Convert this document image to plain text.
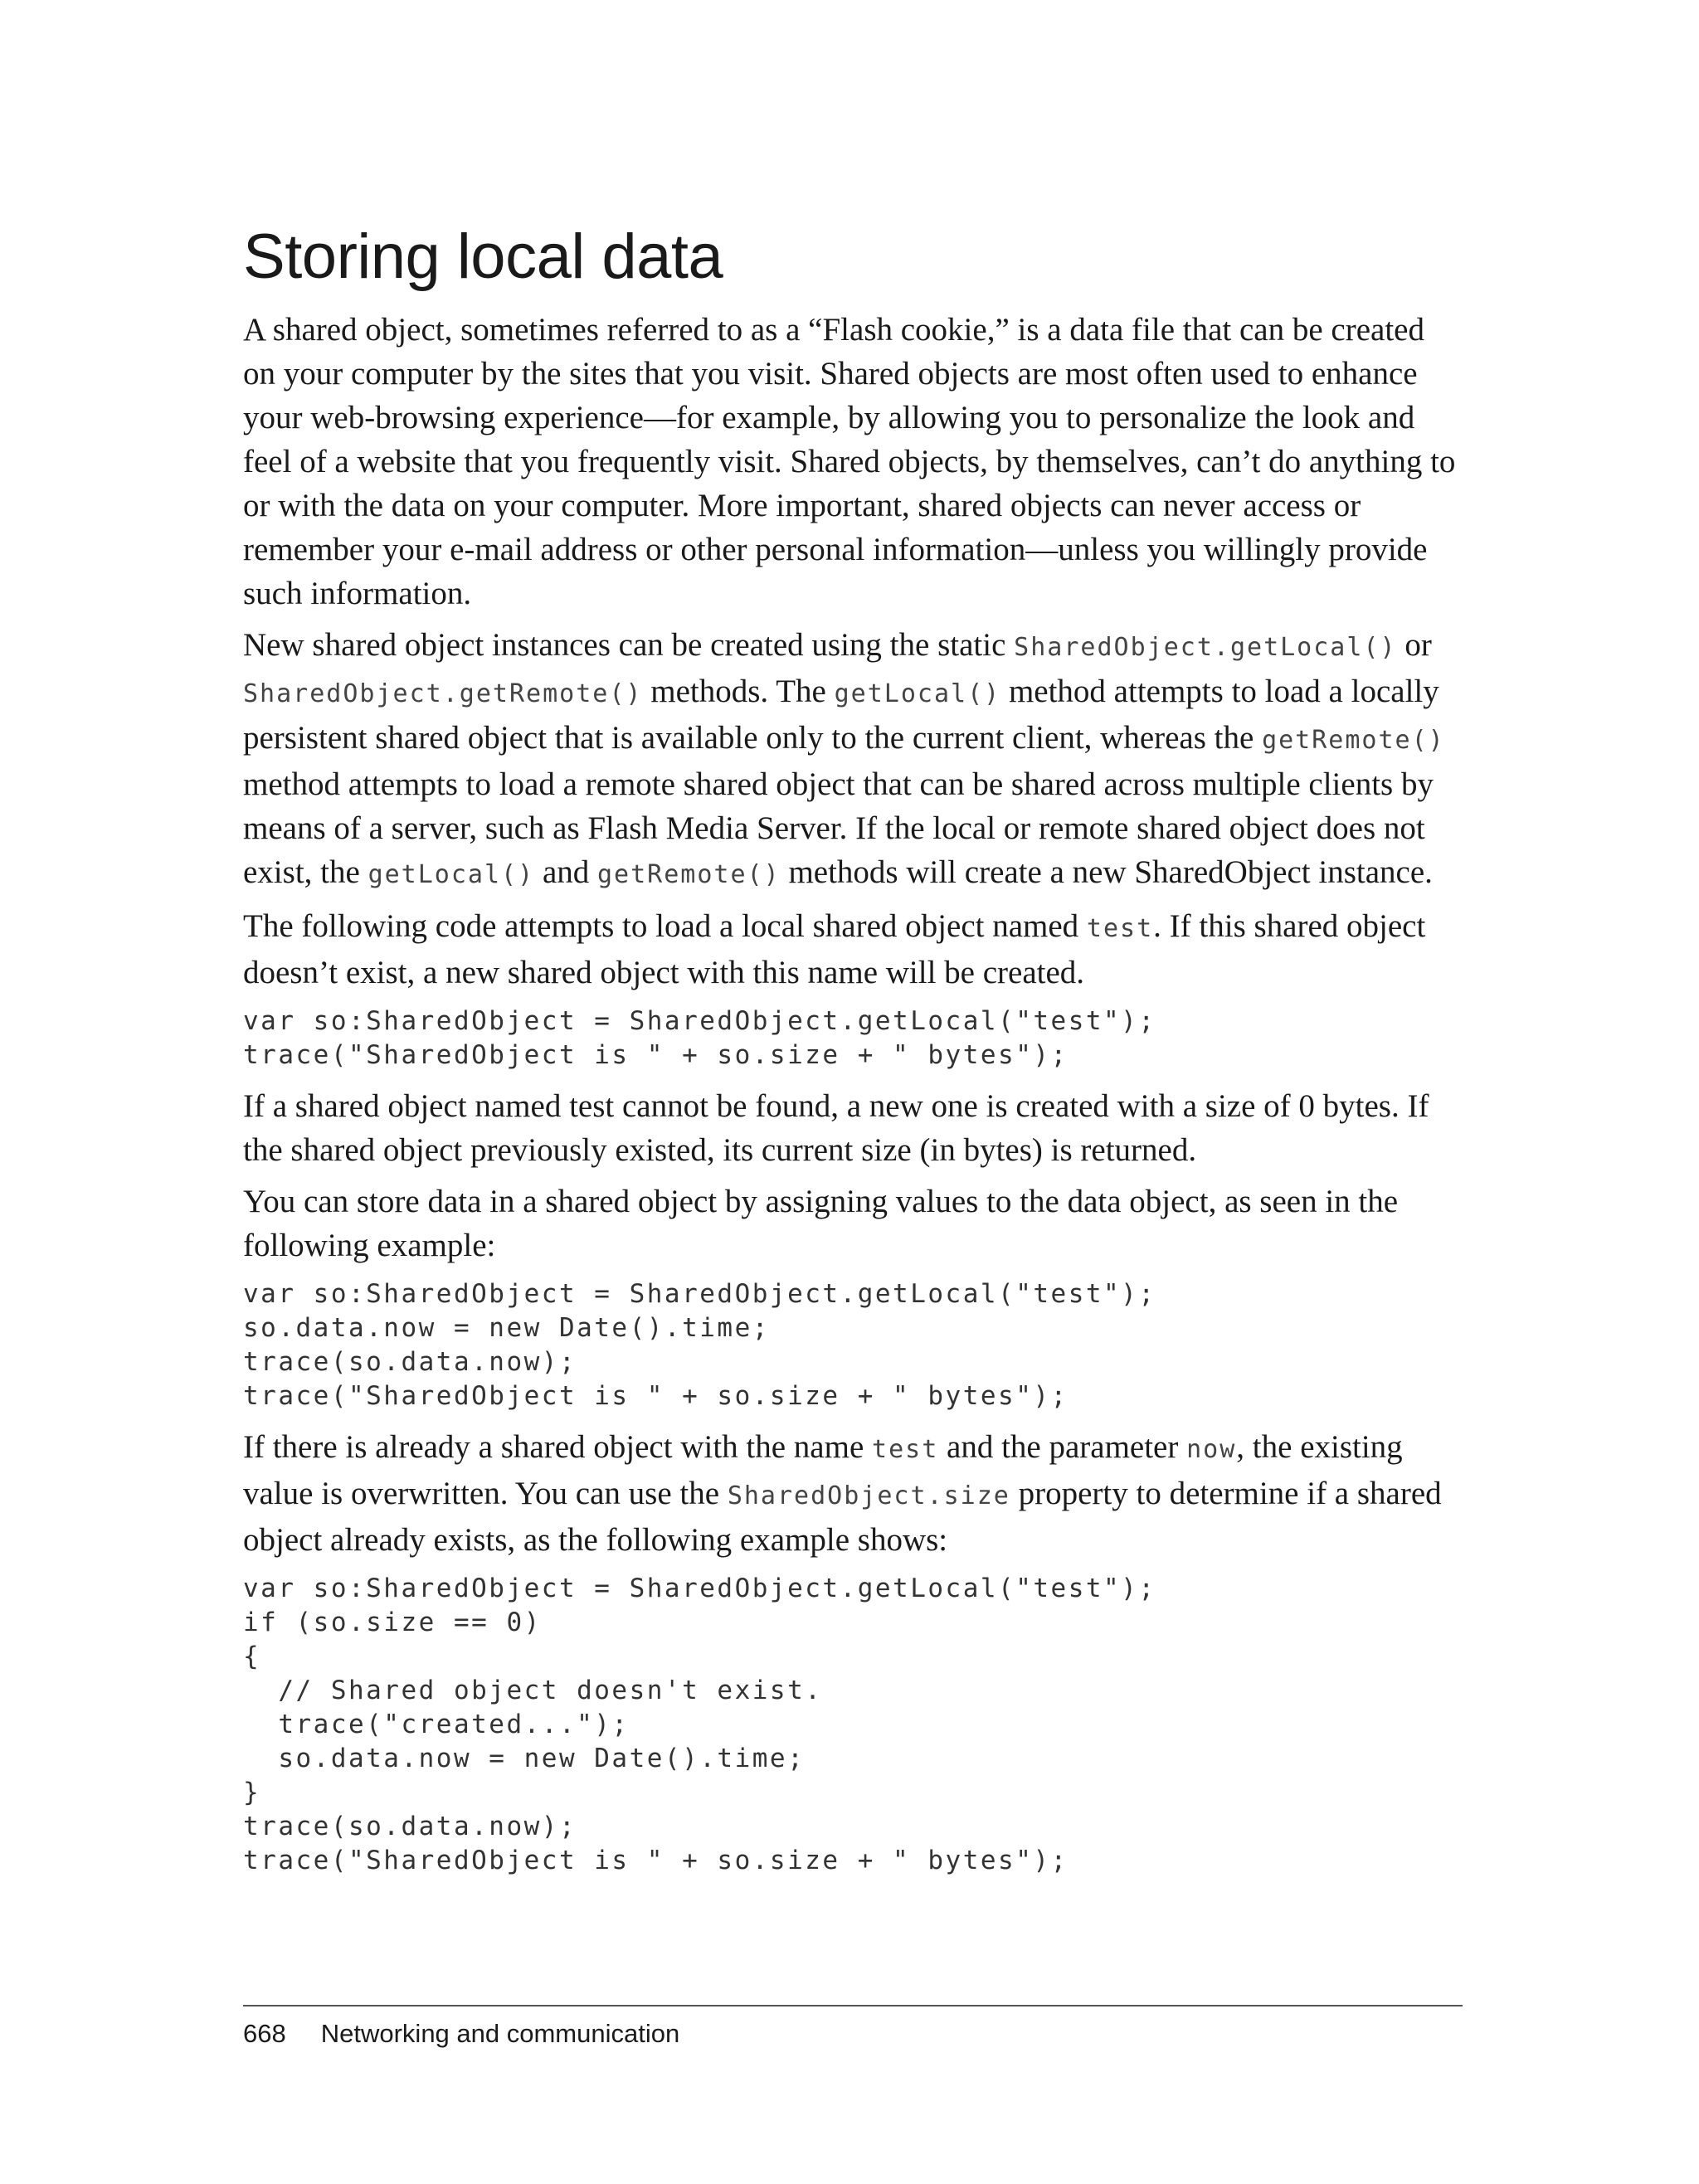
Storing local data

A shared object, sometimes referred to as a “Flash cookie,” is a data file that can be created on your computer by the sites that you visit. Shared objects are most often used to enhance your web-browsing experience—for example, by allowing you to personalize the look and feel of a website that you frequently visit. Shared objects, by themselves, can’t do anything to or with the data on your computer. More important, shared objects can never access or remember your e-mail address or other personal information—unless you willingly provide such information.

New shared object instances can be created using the static SharedObject.getLocal() or SharedObject.getRemote() methods. The getLocal() method attempts to load a locally persistent shared object that is available only to the current client, whereas the getRemote() method attempts to load a remote shared object that can be shared across multiple clients by means of a server, such as Flash Media Server. If the local or remote shared object does not exist, the getLocal() and getRemote() methods will create a new SharedObject instance.

The following code attempts to load a local shared object named test. If this shared object doesn’t exist, a new shared object with this name will be created.

var so:SharedObject = SharedObject.getLocal("test");
trace("SharedObject is " + so.size + " bytes");

If a shared object named test cannot be found, a new one is created with a size of 0 bytes. If the shared object previously existed, its current size (in bytes) is returned.

You can store data in a shared object by assigning values to the data object, as seen in the following example:

var so:SharedObject = SharedObject.getLocal("test");
so.data.now = new Date().time;
trace(so.data.now);
trace("SharedObject is " + so.size + " bytes");

If there is already a shared object with the name test and the parameter now, the existing value is overwritten. You can use the SharedObject.size property to determine if a shared object already exists, as the following example shows:

var so:SharedObject = SharedObject.getLocal("test");
if (so.size == 0)
{
// Shared object doesn't exist.
trace("created...");
so.data.now = new Date().time;
}
trace(so.data.now);
trace("SharedObject is " + so.size + " bytes");
668 Networking and communication
